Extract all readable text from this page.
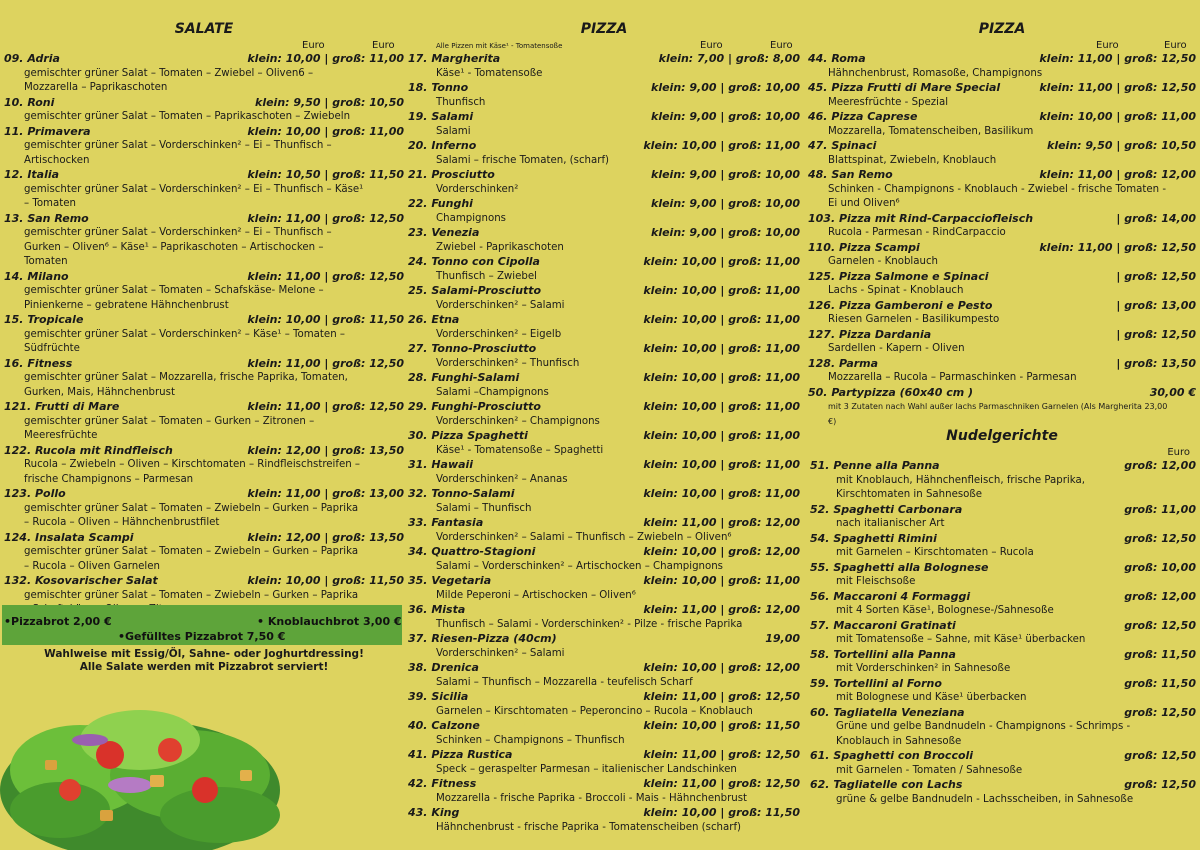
SALATE
Euro	Euro
09. Adria	klein: 10,00 | groß: 11,00
gemischter grüner Salat – Tomaten – Zwiebel – Oliven6 – Mozzarella – Paprikaschoten
10. Roni	klein: 9,50 | groß: 10,50
gemischter grüner Salat – Tomaten – Paprikaschoten – Zwiebeln
11. Primavera	klein: 10,00 | groß: 11,00
gemischter grüner Salat – Vorderschinken² – Ei – Thunfisch – Artischocken
12. Italia	klein: 10,50 | groß: 11,50
gemischter grüner Salat – Vorderschinken² – Ei – Thunfisch – Käse¹ – Tomaten
13. San Remo	klein: 11,00 | groß: 12,50
gemischter grüner Salat – Vorderschinken² – Ei – Thunfisch – Gurken – Oliven⁶ – Käse¹ – Paprikaschoten – Artischocken – Tomaten
14. Milano	klein: 11,00 | groß: 12,50
gemischter grüner Salat – Tomaten – Schafskäse- Melone – Pinienkerne – gebratene Hähnchenbrust
15. Tropicale	klein: 10,00 | groß: 11,50
gemischter grüner Salat – Vorderschinken² – Käse¹ – Tomaten – Südfrüchte
16. Fitness	klein: 11,00 | groß: 12,50
gemischter grüner Salat – Mozzarella, frische Paprika, Tomaten, Gurken, Mais, Hähnchenbrust
121. Frutti di Mare	klein: 11,00 | groß: 12,50
gemischter grüner Salat – Tomaten – Gurken – Zitronen – Meeresfrüchte
122. Rucola mit Rindfleisch	klein: 12,00 | groß: 13,50
Rucola – Zwiebeln – Oliven – Kirschtomaten – Rindfleischstreifen – frische Champignons – Parmesan
123. Pollo	klein: 11,00 | groß: 13,00
gemischter grüner Salat – Tomaten – Zwiebeln – Gurken – Paprika – Rucola – Oliven – Hähnchenbrustfilet
124. Insalata Scampi	klein: 12,00 | groß: 13,50
gemischter grüner Salat – Tomaten – Zwiebeln – Gurken – Paprika – Rucola – Oliven Garnelen
132. Kosovarischer Salat	klein: 10,00 | groß: 11,50
gemischter grüner Salat – Tomaten – Zwiebeln – Gurken – Paprika
•Pizzabrot 2,00 €	• Knoblauchbrot 3,00 €
•Gefülltes Pizzabrot 7,50 €
Wahlweise mit Essig/Öl, Sahne- oder Joghurtdressing!
Alle Salate werden mit Pizzabrot serviert!
PIZZA
Alle Pizzen mit Käse¹ - Tomatensoße	Euro	Euro
17. Margherita	klein: 7,00 | groß: 8,00
Käse¹ - Tomatensoße
18. Tonno	klein: 9,00 | groß: 10,00
Thunfisch
19. Salami	klein: 9,00 | groß: 10,00
Salami
20. Inferno	klein: 10,00 | groß: 11,00
Salami – frische Tomaten, (scharf)
21. Prosciutto	klein: 9,00 | groß: 10,00
Vorderschinken²
22. Funghi	klein: 9,00 | groß: 10,00
Champignons
23. Venezia	klein: 9,00 | groß: 10,00
Zwiebel - Paprikaschoten
24. Tonno con Cipolla	klein: 10,00 | groß: 11,00
Thunfisch – Zwiebel
25. Salami-Prosciutto	klein: 10,00 | groß: 11,00
Vorderschinken² – Salami
26. Etna	klein: 10,00 | groß: 11,00
Vorderschinken² – Eigelb
27. Tonno-Prosciutto	klein: 10,00 | groß: 11,00
Vorderschinken² – Thunfisch
28. Funghi-Salami	klein: 10,00 | groß: 11,00
Salami –Champignons
29. Funghi-Prosciutto	klein: 10,00 | groß: 11,00
Vorderschinken² – Champignons
30. Pizza Spaghetti	klein: 10,00 | groß: 11,00
Käse¹ - Tomatensoße – Spaghetti
31. Hawaii	klein: 10,00 | groß: 11,00
Vorderschinken² – Ananas
32. Tonno-Salami	klein: 10,00 | groß: 11,00
Salami – Thunfisch
33. Fantasia	klein: 11,00 | groß: 12,00
Vorderschinken² – Salami – Thunfisch – Zwiebeln – Oliven⁶
34. Quattro-Stagioni	klein: 10,00 | groß: 12,00
Salami – Vorderschinken² – Artischocken – Champignons
35. Vegetaria	klein: 10,00 | groß: 11,00
Milde Peperoni – Artischocken – Oliven⁶
36. Mista	klein: 11,00 | groß: 12,00
Thunfisch – Salami - Vorderschinken² - Pilze - frische Paprika
37. Riesen-Pizza (40cm)	19,00
Vorderschinken² – Salami
38. Drenica	klein: 10,00 | groß: 12,00
Salami – Thunfisch – Mozzarella - teufelisch Scharf
39. Sicilia	klein: 11,00 | groß: 12,50
Garnelen – Kirschtomaten – Peperoncino – Rucola – Knoblauch
40. Calzone	klein: 10,00 | groß: 11,50
Schinken – Champignons – Thunfisch
41. Pizza Rustica	klein: 11,00 | groß: 12,50
Speck – geraspelter Parmesan – italienischer Landschinken
42. Fitness	klein: 11,00 | groß: 12,50
Mozzarella - frische Paprika - Broccoli - Mais - Hähnchenbrust
43. King	klein: 10,00 | groß: 11,50
Hähnchenbrust - frische Paprika - Tomatenscheiben (scharf)
PIZZA
Euro	Euro
44. Roma	klein: 11,00 | groß: 12,50
Hähnchenbrust, Romasoße, Champignons
45. Pizza Frutti di Mare Special	klein: 11,00 | groß: 12,50
Meeresfrüchte - Spezial
46. Pizza Caprese	klein: 10,00 | groß: 11,00
Mozzarella, Tomatenscheiben, Basilikum
47. Spinaci	klein: 9,50 | groß: 10,50
Blattspinat, Zwiebeln, Knoblauch
48. San Remo	klein: 11,00 | groß: 12,00
Schinken - Champignons - Knoblauch - Zwiebel - frische Tomaten - Ei und Oliven⁶
103. Pizza mit Rind-Carpacciofleisch	| groß: 14,00
Rucola - Parmesan - RindCarpaccio
110. Pizza Scampi	klein: 11,00 | groß: 12,50
Garnelen - Knoblauch
125. Pizza Salmone e Spinaci	| groß: 12,50
Lachs - Spinat - Knoblauch
126. Pizza Gamberoni e Pesto	| groß: 13,00
Riesen Garnelen - Basilikumpesto
127. Pizza Dardania	| groß: 12,50
Sardellen - Kapern - Oliven
128. Parma	| groß: 13,50
Mozzarella – Rucola – Parmaschinken - Parmesan
50. Partypizza (60x40 cm )	30,00 €
mit 3 Zutaten nach Wahl außer lachs Parmaschniken Garnelen (Als Margherita 23,00 €)
Nudelgerichte
Euro
51. Penne alla Panna	groß: 12,00
mit Knoblauch, Hähnchenfleisch, frische Paprika, Kirschtomaten in Sahnesoße
52. Spaghetti Carbonara	groß: 11,00
nach italianischer Art
54. Spaghetti Rimini	groß: 12,50
mit Garnelen – Kirschtomaten – Rucola
55. Spaghetti alla Bolognese	groß: 10,00
mit Fleischsoße
56. Maccaroni 4 Formaggi	groß: 12,00
mit 4 Sorten Käse¹, Bolognese-/Sahnesoße
57. Maccaroni Gratinati	groß: 12,50
mit Tomatensoße – Sahne, mit Käse¹ überbacken
58. Tortellini alla Panna	groß: 11,50
mit Vorderschinken² in Sahnesoße
59. Tortellini al Forno	groß: 11,50
mit Bolognese und Käse¹ überbacken
60. Tagliatella Veneziana	groß: 12,50
Grüne und gelbe Bandnudeln - Champignons - Schrimps - Knoblauch in Sahnesoße
61. Spaghetti con Broccoli	groß: 12,50
mit Garnelen - Tomaten / Sahnesoße
62. Tagliatelle con Lachs	groß: 12,50
grüne & gelbe Bandnudeln - Lachsscheiben, in Sahnesoße
